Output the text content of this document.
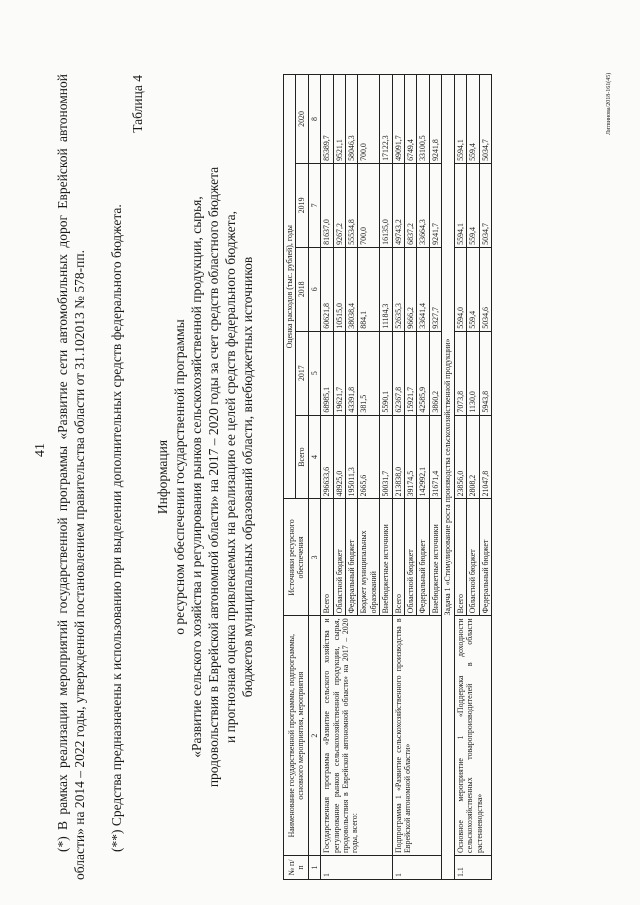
41 (*) В рамках реализации мероприятий государственной программы «Развитие сети автомобильных дорог Еврейской автономной области» на 2014 – 2022 годы, утвержденной постановлением правительства области от 31.102013 № 578-пп. (**) Средства предназначены к использованию при выделении дополнительных средств федерального бюджета.
Таблица 4
Информация о ресурсном обеспечении государственной программы «Развитие сельского хозяйства и регулирования рынков сельскохозяйственной продукции, сырья, продовольствия в Еврейской автономной области» на 2017 – 2020 годы за счет средств областного бюджета и прогнозная оценка привлекаемых на реализацию ее целей средств федерального бюджета, бюджетов муниципальных образований области, внебюджетных источников
№ п/п	Наименование государственной программы, подпрограммы, основного мероприятия, мероприятия	Источники ресурсного обеспечения	Оценка расходов (тыс. рублей), годы				
			Всего	2017	2018	2019	2020
1	2	3	4	5	6	7	8
1	Государственная программа «Развитие сельского хозяйства и регулирование рынков сельскохозяйственной продукции, сырья, продовольствия в Еврейской автономной области» на 2017 – 2020 годы, всего:	Всего	296633,6	68985,1	60621,8	81637,0	85389,7
		Областной бюджет	48925,0	19621,7	10515,0	9267,2	9521,1
		Федеральный бюджет	195011,3	43391,8	38038,4	55534,8	58046,3
		Бюджет муниципальных образований	2665,6	381,5	884,1	700,0	700,0
		Внебюджетные источники	50031,7	5590,1	11184,3	16135,0	17122,3
1	Подпрограмма 1 «Развитие сельскохозяйственного производства в Еврейской автономной области»	Всего	213838,0	62367,8	52635,3	49743,2	49091,7
		Областной бюджет	39174,5	15921,7	9666,2	6837,2	6749,4
		Федеральный бюджет	142992,1	42585,9	33641,4	33664,3	33100,5
		Внебюджетные источники	31671,4	3860,2	9327,7	9241,7	9241,8
Задача 1 «Стимулирование роста производства сельскохозяйственной продукции»							
1.1	Основное мероприятие 1 «Поддержка доходности сельскохозяйственных товаропроизводителей в области растениеводства»	Всего	23856,0	7073,8	5594,0	5594,1	5594,1
		Областной бюджет	2808,2	1130,0	559,4	559,4	559,4
		Федеральный бюджет	21047,8	5943,8	5034,6	5034,7	5034,7
Литвинова/2018-161(45)
